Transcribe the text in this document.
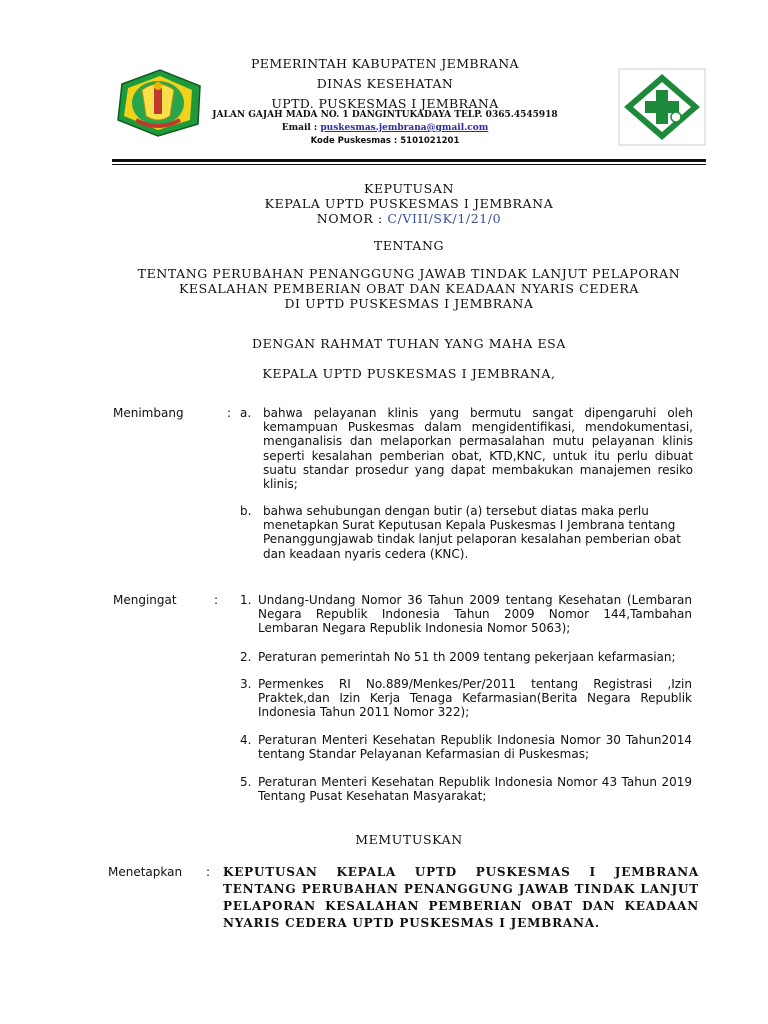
PEMERINTAH KABUPATEN JEMBRANA
DINAS KESEHATAN
UPTD. PUSKESMAS I JEMBRANA
JALAN GAJAH MADA NO. 1 DANGINTUKADAYA TELP. 0365.4545918
Email : puskesmas.jembrana@gmail.com
Kode Puskesmas : 5101021201
KEPUTUSAN
KEPALA UPTD PUSKESMAS I JEMBRANA
NOMOR : C/VIII/SK/1/21/0
TENTANG
TENTANG PERUBAHAN PENANGGUNG JAWAB TINDAK LANJUT PELAPORAN
KESALAHAN PEMBERIAN OBAT DAN KEADAAN NYARIS CEDERA
DI UPTD PUSKESMAS I JEMBRANA
DENGAN RAHMAT TUHAN YANG MAHA ESA
KEPALA UPTD PUSKESMAS I JEMBRANA,
Menimbang	: a. bahwa pelayanan klinis yang bermutu sangat dipengaruhi oleh kemampuan Puskesmas dalam mengidentifikasi, mendokumentasi, menganalisis dan melaporkan permasalahan mutu pelayanan klinis seperti kesalahan pemberian obat, KTD,KNC, untuk itu perlu dibuat suatu standar prosedur yang dapat membakukan manajemen resiko klinis;
b. bahwa sehubungan dengan butir (a) tersebut diatas maka perlu menetapkan Surat Keputusan Kepala Puskesmas I Jembrana tentang Penanggungjawab tindak lanjut pelaporan kesalahan pemberian obat dan keadaan nyaris cedera (KNC).
Mengingat	: 1. Undang-Undang Nomor 36 Tahun 2009 tentang Kesehatan (Lembaran Negara Republik Indonesia Tahun 2009 Nomor 144,Tambahan Lembaran Negara Republik Indonesia Nomor 5063);
2. Peraturan pemerintah No 51 th 2009 tentang pekerjaan kefarmasian;
3. Permenkes RI No.889/Menkes/Per/2011 tentang Registrasi ,Izin Praktek,dan Izin Kerja Tenaga Kefarmasian(Berita Negara Republik Indonesia Tahun 2011 Nomor 322);
4. Peraturan Menteri Kesehatan Republik Indonesia Nomor 30 Tahun2014 tentang Standar Pelayanan Kefarmasian di Puskesmas;
5. Peraturan Menteri Kesehatan Republik Indonesia Nomor 43 Tahun 2019 Tentang Pusat Kesehatan Masyarakat;
MEMUTUSKAN
Menetapkan : KEPUTUSAN KEPALA UPTD PUSKESMAS I JEMBRANA TENTANG PERUBAHAN PENANGGUNG JAWAB TINDAK LANJUT PELAPORAN KESALAHAN PEMBERIAN OBAT DAN KEADAAN NYARIS CEDERA UPTD PUSKESMAS I JEMBRANA.
